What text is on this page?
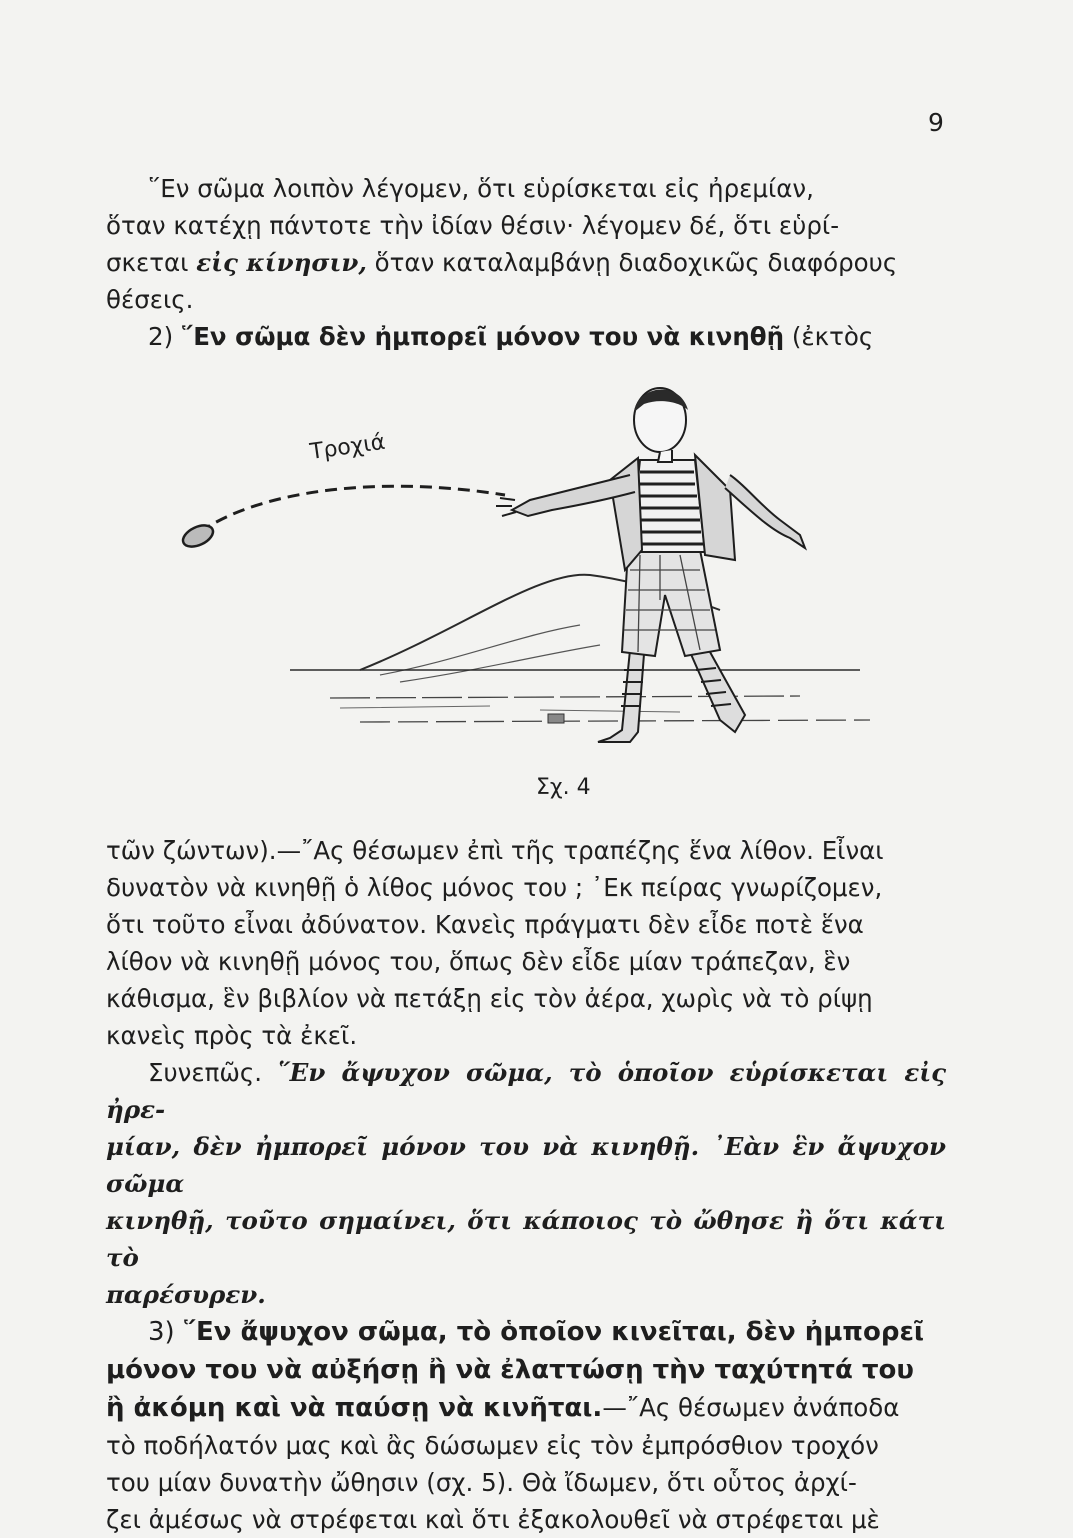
9

῞Εν σῶμα λοιπὸν λέγομεν, ὅτι εὑρίσκεται εἰς ἠρεμίαν,
ὅταν κατέχῃ πάντοτε τὴν ἰδίαν θέσιν· λέγομεν δέ, ὅτι εὑρί-
σκεται εἰς κίνησιν, ὅταν καταλαμβάνῃ διαδοχικῶς διαφόρους
θέσεις.

2) ῞Εν σῶμα δὲν ἠμπορεῖ μόνον του νὰ κινηθῇ (ἐκτὸς

Τροχιά
Σχ. 4

τῶν ζώντων).—῎Ας θέσωμεν ἐπὶ τῆς τραπέζης ἕνα λίθον. Εἶναι
δυνατὸν νὰ κινηθῇ ὁ λίθος μόνος του ; ᾿Εκ πείρας γνωρίζομεν,
ὅτι τοῦτο εἶναι ἀδύνατον. Κανεὶς πράγματι δὲν εἶδε ποτὲ ἕνα
λίθον νὰ κινηθῇ μόνος του, ὅπως δὲν εἶδε μίαν τράπεζαν, ἓν
κάθισμα, ἓν βιβλίον νὰ πετάξῃ εἰς τὸν ἀέρα, χωρὶς νὰ τὸ ρίψῃ
κανεὶς πρὸς τὰ ἐκεῖ.

Συνεπῶς. ῞Εν ἄψυχον σῶμα, τὸ ὁποῖον εὑρίσκεται εἰς ἠρε-
μίαν, δὲν ἠμπορεῖ μόνον του νὰ κινηθῇ. ᾿Εὰν ἓν ἄψυχον σῶμα
κινηθῇ, τοῦτο σημαίνει, ὅτι κάποιος τὸ ὤθησε ἢ ὅτι κάτι τὸ
παρέσυρεν.

3) ῞Εν ἄψυχον σῶμα, τὸ ὁποῖον κινεῖται, δὲν ἠμπορεῖ
μόνον του νὰ αὐξήσῃ ἢ νὰ ἐλαττώσῃ τὴν ταχύτητά του
ἢ ἀκόμη καὶ νὰ παύσῃ νὰ κινῆται.—῎Ας θέσωμεν ἀνάποδα
τὸ ποδήλατόν μας καὶ ἂς δώσωμεν εἰς τὸν ἐμπρόσθιον τροχόν
του μίαν δυνατὴν ὤθησιν (σχ. 5). Θὰ ἴδωμεν, ὅτι οὗτος ἀρχί-
ζει ἀμέσως νὰ στρέφεται καὶ ὅτι ἐξακολουθεῖ νὰ στρέφεται μὲ
